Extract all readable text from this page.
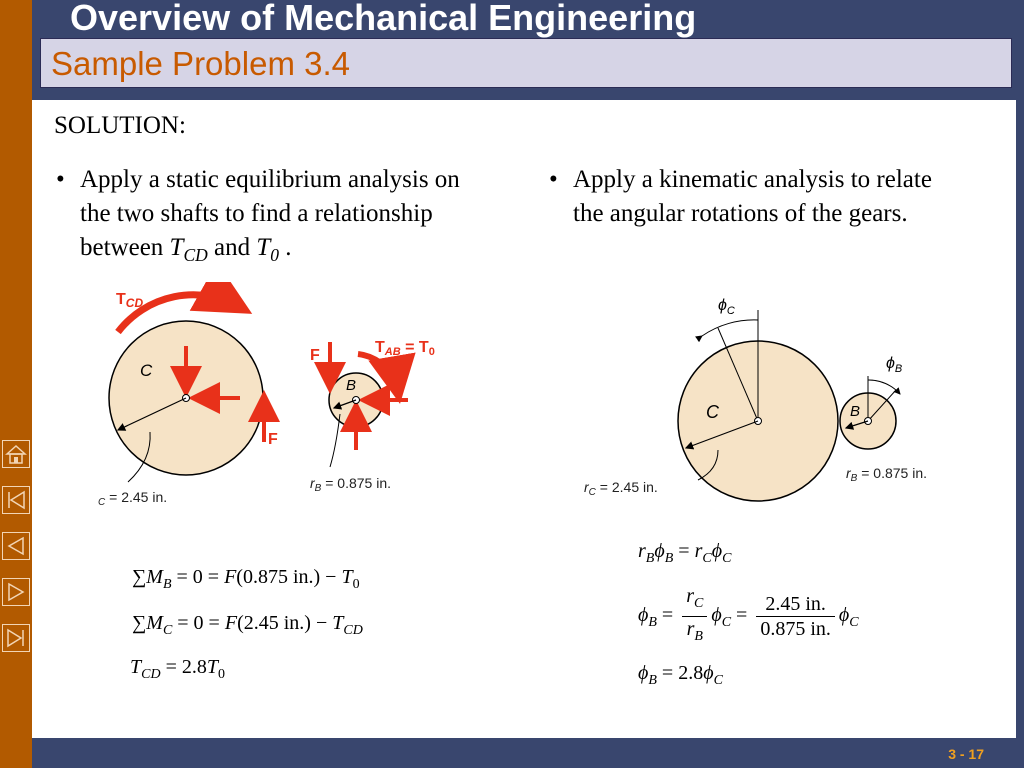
Overview of Mechanical Engineering
Sample Problem 3.4
3 - 17
SOLUTION:
• Apply a static equilibrium analysis on
the two shafts to find a relationship
between $T_{CD}$ and $T_0$ .
• Apply a kinematic analysis to relate
the angular rotations of the gears.
TCD
C
F
$_C$ = 2.45 in.
F	TAB = T0
B
$r_B = 0.875$ in.
$\phi_C$
$\phi_B$
C	B
$r_C = 2.45$ in.
$r_B = 0.875$ in.
$\sum M_B = 0 = F(0.875$ $in.) - T_0$
$\sum M_C = 0 = F(2.45$ $in.) - T_{CD}$
$T_{CD} = 2.8T_0$
$r_B\phi_B = r_C\phi_C$
$\phi_B = \frac{r_C}{r_B} \phi_C = \frac{2.45 in.}{0.875 in.} \phi_C$
$\phi_B = 2.8\phi_C$
